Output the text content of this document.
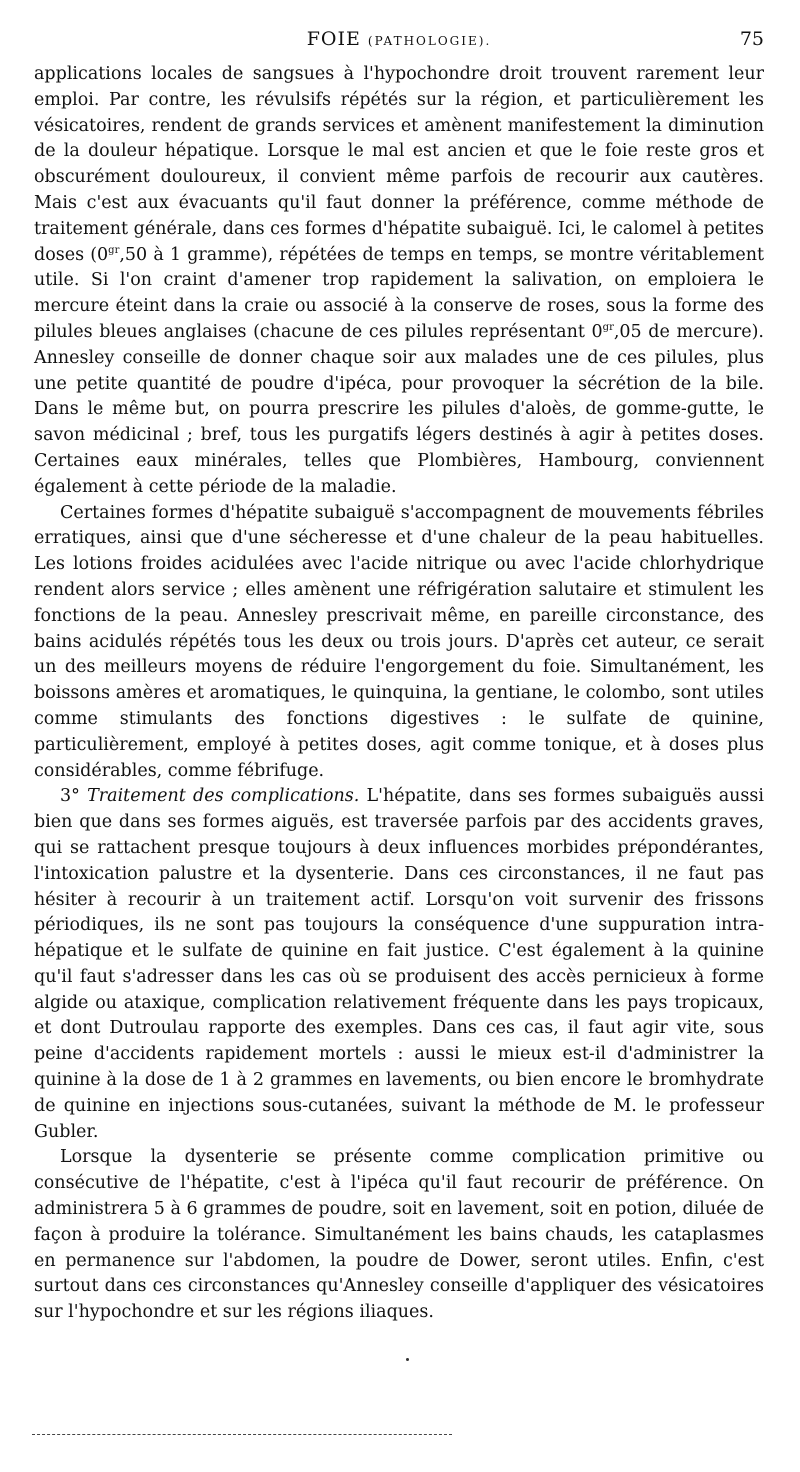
FOIE (PATHOLOGIE).	75

applications locales de sangsues à l'hypochondre droit trouvent rarement leur emploi. Par contre, les révulsifs répétés sur la région, et particulièrement les vésicatoires, rendent de grands services et amènent manifestement la diminution de la douleur hépatique. Lorsque le mal est ancien et que le foie reste gros et obscurément douloureux, il convient même parfois de recourir aux cautères. Mais c'est aux évacuants qu'il faut donner la préférence, comme méthode de traitement générale, dans ces formes d'hépatite subaiguë. Ici, le calomel à petites doses ($0^{gr},50$ à 1 gramme), répétées de temps en temps, se montre véritablement utile. Si l'on craint d'amener trop rapidement la salivation, on emploiera le mercure éteint dans la craie ou associé à la conserve de roses, sous la forme des pilules bleues anglaises (chacune de ces pilules représentant $0^{gr},05$ de mercure). Annesley conseille de donner chaque soir aux malades une de ces pilules, plus une petite quantité de poudre d'ipéca, pour provoquer la sécrétion de la bile. Dans le même but, on pourra prescrire les pilules d'aloès, de gomme-gutte, le savon médicinal ; bref, tous les purgatifs légers destinés à agir à petites doses. Certaines eaux minérales, telles que Plombières, Hambourg, conviennent également à cette période de la maladie.

Certaines formes d'hépatite subaiguë s'accompagnent de mouvements fébriles erratiques, ainsi que d'une sécheresse et d'une chaleur de la peau habituelles. Les lotions froides acidulées avec l'acide nitrique ou avec l'acide chlorhydrique rendent alors service ; elles amènent une réfrigération salutaire et stimulent les fonctions de la peau. Annesley prescrivait même, en pareille circonstance, des bains acidulés répétés tous les deux ou trois jours. D'après cet auteur, ce serait un des meilleurs moyens de réduire l'engorgement du foie. Simultanément, les boissons amères et aromatiques, le quinquina, la gentiane, le colombo, sont utiles comme stimulants des fonctions digestives : le sulfate de quinine, particulièrement, employé à petites doses, agit comme tonique, et à doses plus considérables, comme fébrifuge.

3° Traitement des complications. L'hépatite, dans ses formes subaiguës aussi bien que dans ses formes aiguës, est traversée parfois par des accidents graves, qui se rattachent presque toujours à deux influences morbides prépondérantes, l'intoxication palustre et la dysenterie. Dans ces circonstances, il ne faut pas hésiter à recourir à un traitement actif. Lorsqu'on voit survenir des frissons périodiques, ils ne sont pas toujours la conséquence d'une suppuration intra-hépatique et le sulfate de quinine en fait justice. C'est également à la quinine qu'il faut s'adresser dans les cas où se produisent des accès pernicieux à forme algide ou ataxique, complication relativement fréquente dans les pays tropicaux, et dont Dutroulau rapporte des exemples. Dans ces cas, il faut agir vite, sous peine d'accidents rapidement mortels : aussi le mieux est-il d'administrer la quinine à la dose de 1 à 2 grammes en lavements, ou bien encore le bromhydrate de quinine en injections sous-cutanées, suivant la méthode de M. le professeur Gubler.

Lorsque la dysenterie se présente comme complication primitive ou consécutive de l'hépatite, c'est à l'ipéca qu'il faut recourir de préférence. On administrera 5 à 6 grammes de poudre, soit en lavement, soit en potion, diluée de façon à produire la tolérance. Simultanément les bains chauds, les cataplasmes en permanence sur l'abdomen, la poudre de Dower, seront utiles. Enfin, c'est surtout dans ces circonstances qu'Annesley conseille d'appliquer des vésicatoires sur l'hypochondre et sur les régions iliaques.
